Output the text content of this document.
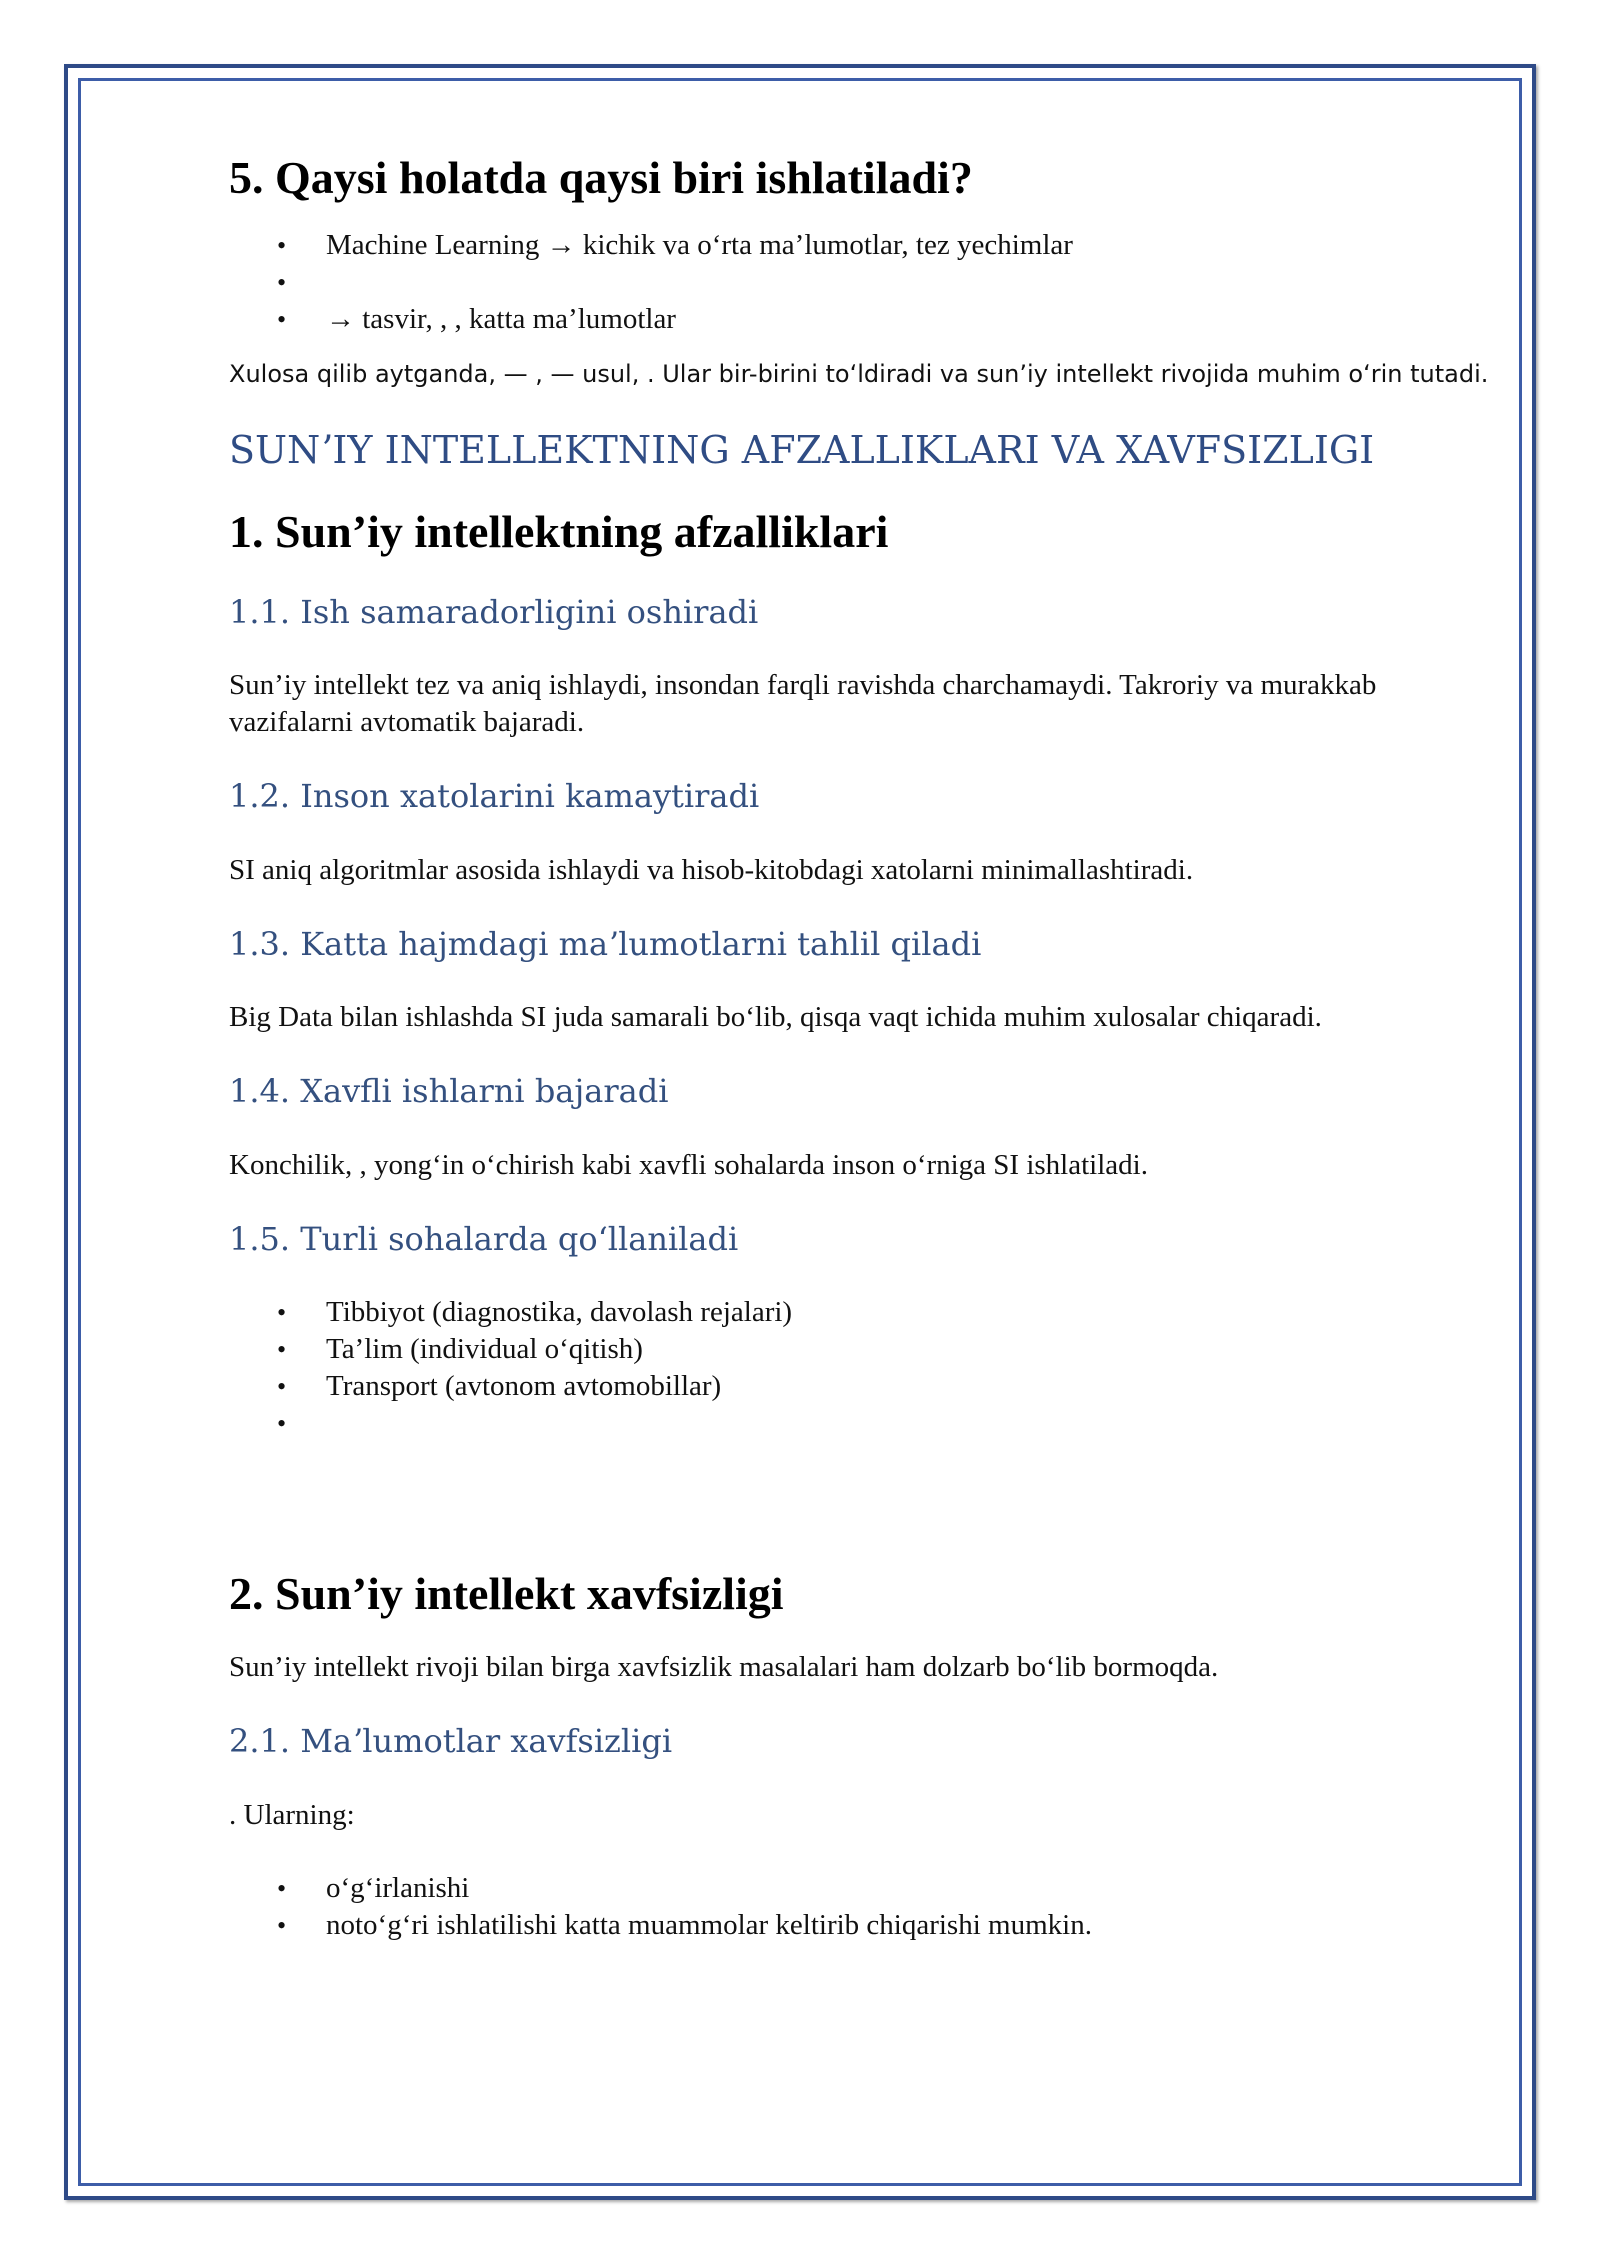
5. Qaysi holatda qaysi biri ishlatiladi?
• Machine Learning → kichik va oʻrta maʼlumotlar, tez yechimlar
•
• → tasvir, , , katta maʼlumotlar

Xulosa qilib aytganda, — , — usul, . Ular bir-birini toʻldiradi va sunʼiy intellekt rivojida muhim oʻrin tutadi.

SUNʼIY INTELLEKTNING AFZALLIKLARI VA XAVFSIZLIGI
1. Sunʼiy intellektning afzalliklari
1.1. Ish samaradorligini oshiradi

Sunʼiy intellekt tez va aniq ishlaydi, insondan farqli ravishda charchamaydi. Takroriy va murakkab vazifalarni avtomatik bajaradi.

1.2. Inson xatolarini kamaytiradi

SI aniq algoritmlar asosida ishlaydi va hisob-kitobdagi xatolarni minimallashtiradi.

1.3. Katta hajmdagi maʼlumotlarni tahlil qiladi

Big Data bilan ishlashda SI juda samarali boʻlib, qisqa vaqt ichida muhim xulosalar chiqaradi.

1.4. Xavfli ishlarni bajaradi

Konchilik, , yongʻin oʻchirish kabi xavfli sohalarda inson oʻrniga SI ishlatiladi.

1.5. Turli sohalarda qoʻllaniladi
• Tibbiyot (diagnostika, davolash rejalari)
• Taʼlim (individual oʻqitish)
• Transport (avtonom avtomobillar)
•
2. Sunʼiy intellekt xavfsizligi

Sunʼiy intellekt rivoji bilan birga xavfsizlik masalalari ham dolzarb boʻlib bormoqda.

2.1. Maʼlumotlar xavfsizligi

. Ularning:

• oʻgʻirlanishi
• notoʻgʻri ishlatilishi katta muammolar keltirib chiqarishi mumkin.
